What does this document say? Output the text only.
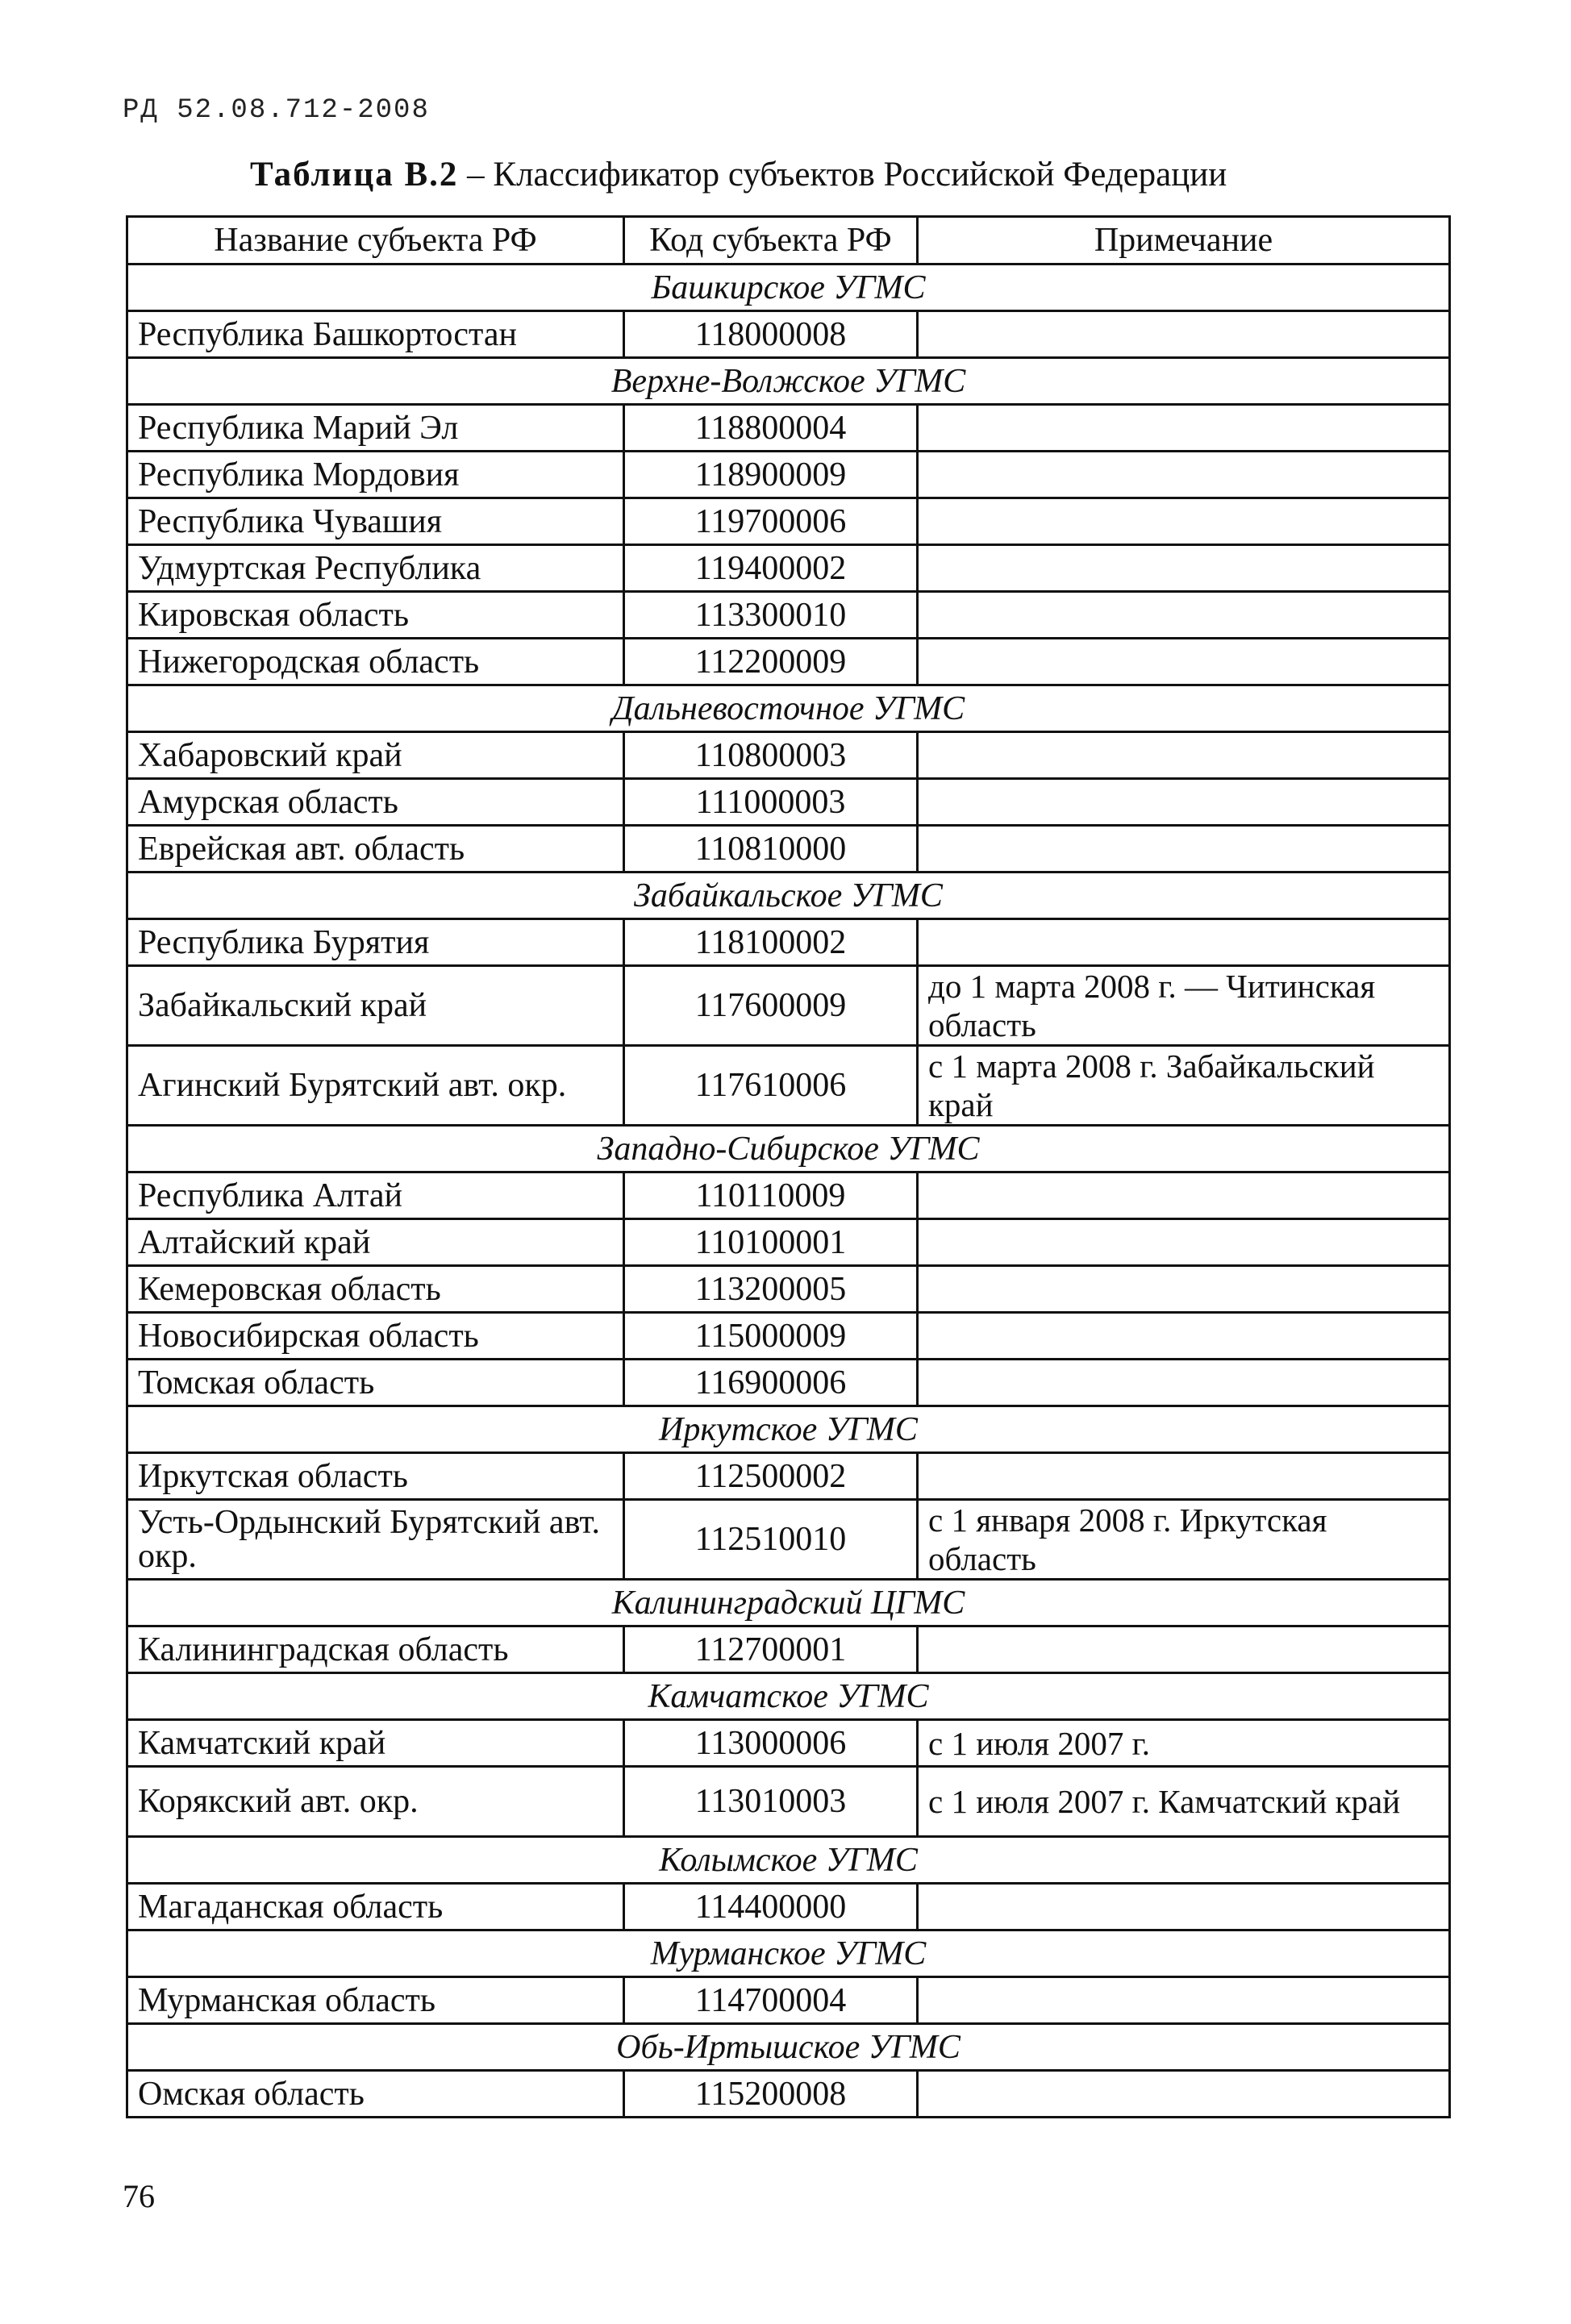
РД 52.08.712-2008
Таблица В.2 – Классификатор субъектов Российской Федерации
Название субъекта РФ	Код субъекта РФ	Примечание
Башкирское УГМС		
Республика Башкортостан	118000008	
Верхне-Волжское УГМС		
Республика Марий Эл	118800004	
Республика Мордовия	118900009	
Республика Чувашия	119700006	
Удмуртская Республика	119400002	
Кировская область	113300010	
Нижегородская область	112200009	
Дальневосточное УГМС		
Хабаровский край	110800003	
Амурская область	111000003	
Еврейская авт. область	110810000	
Забайкальское УГМС		
Республика Бурятия	118100002	
Забайкальский край	117600009	до 1 марта 2008 г. — Читинская область
Агинский Бурятский авт. окр.	117610006	с 1 марта 2008 г. Забайкальский край
Западно-Сибирское УГМС		
Республика Алтай	110110009	
Алтайский край	110100001	
Кемеровская область	113200005	
Новосибирская область	115000009	
Томская область	116900006	
Иркутское УГМС		
Иркутская область	112500002	
Усть-Ордынский Бурятский авт. окр.	112510010	с 1 января 2008 г. Иркутская область
Калининградский ЦГМС		
Калининградская область	112700001	
Камчатское УГМС		
Камчатский край	113000006	с 1 июля 2007 г.
Корякский авт. окр.	113010003	с 1 июля 2007 г. Камчатский край
Колымское УГМС		
Магаданская область	114400000	
Мурманское УГМС		
Мурманская область	114700004	
Обь-Иртышское УГМС		
Омская область	115200008	
76
